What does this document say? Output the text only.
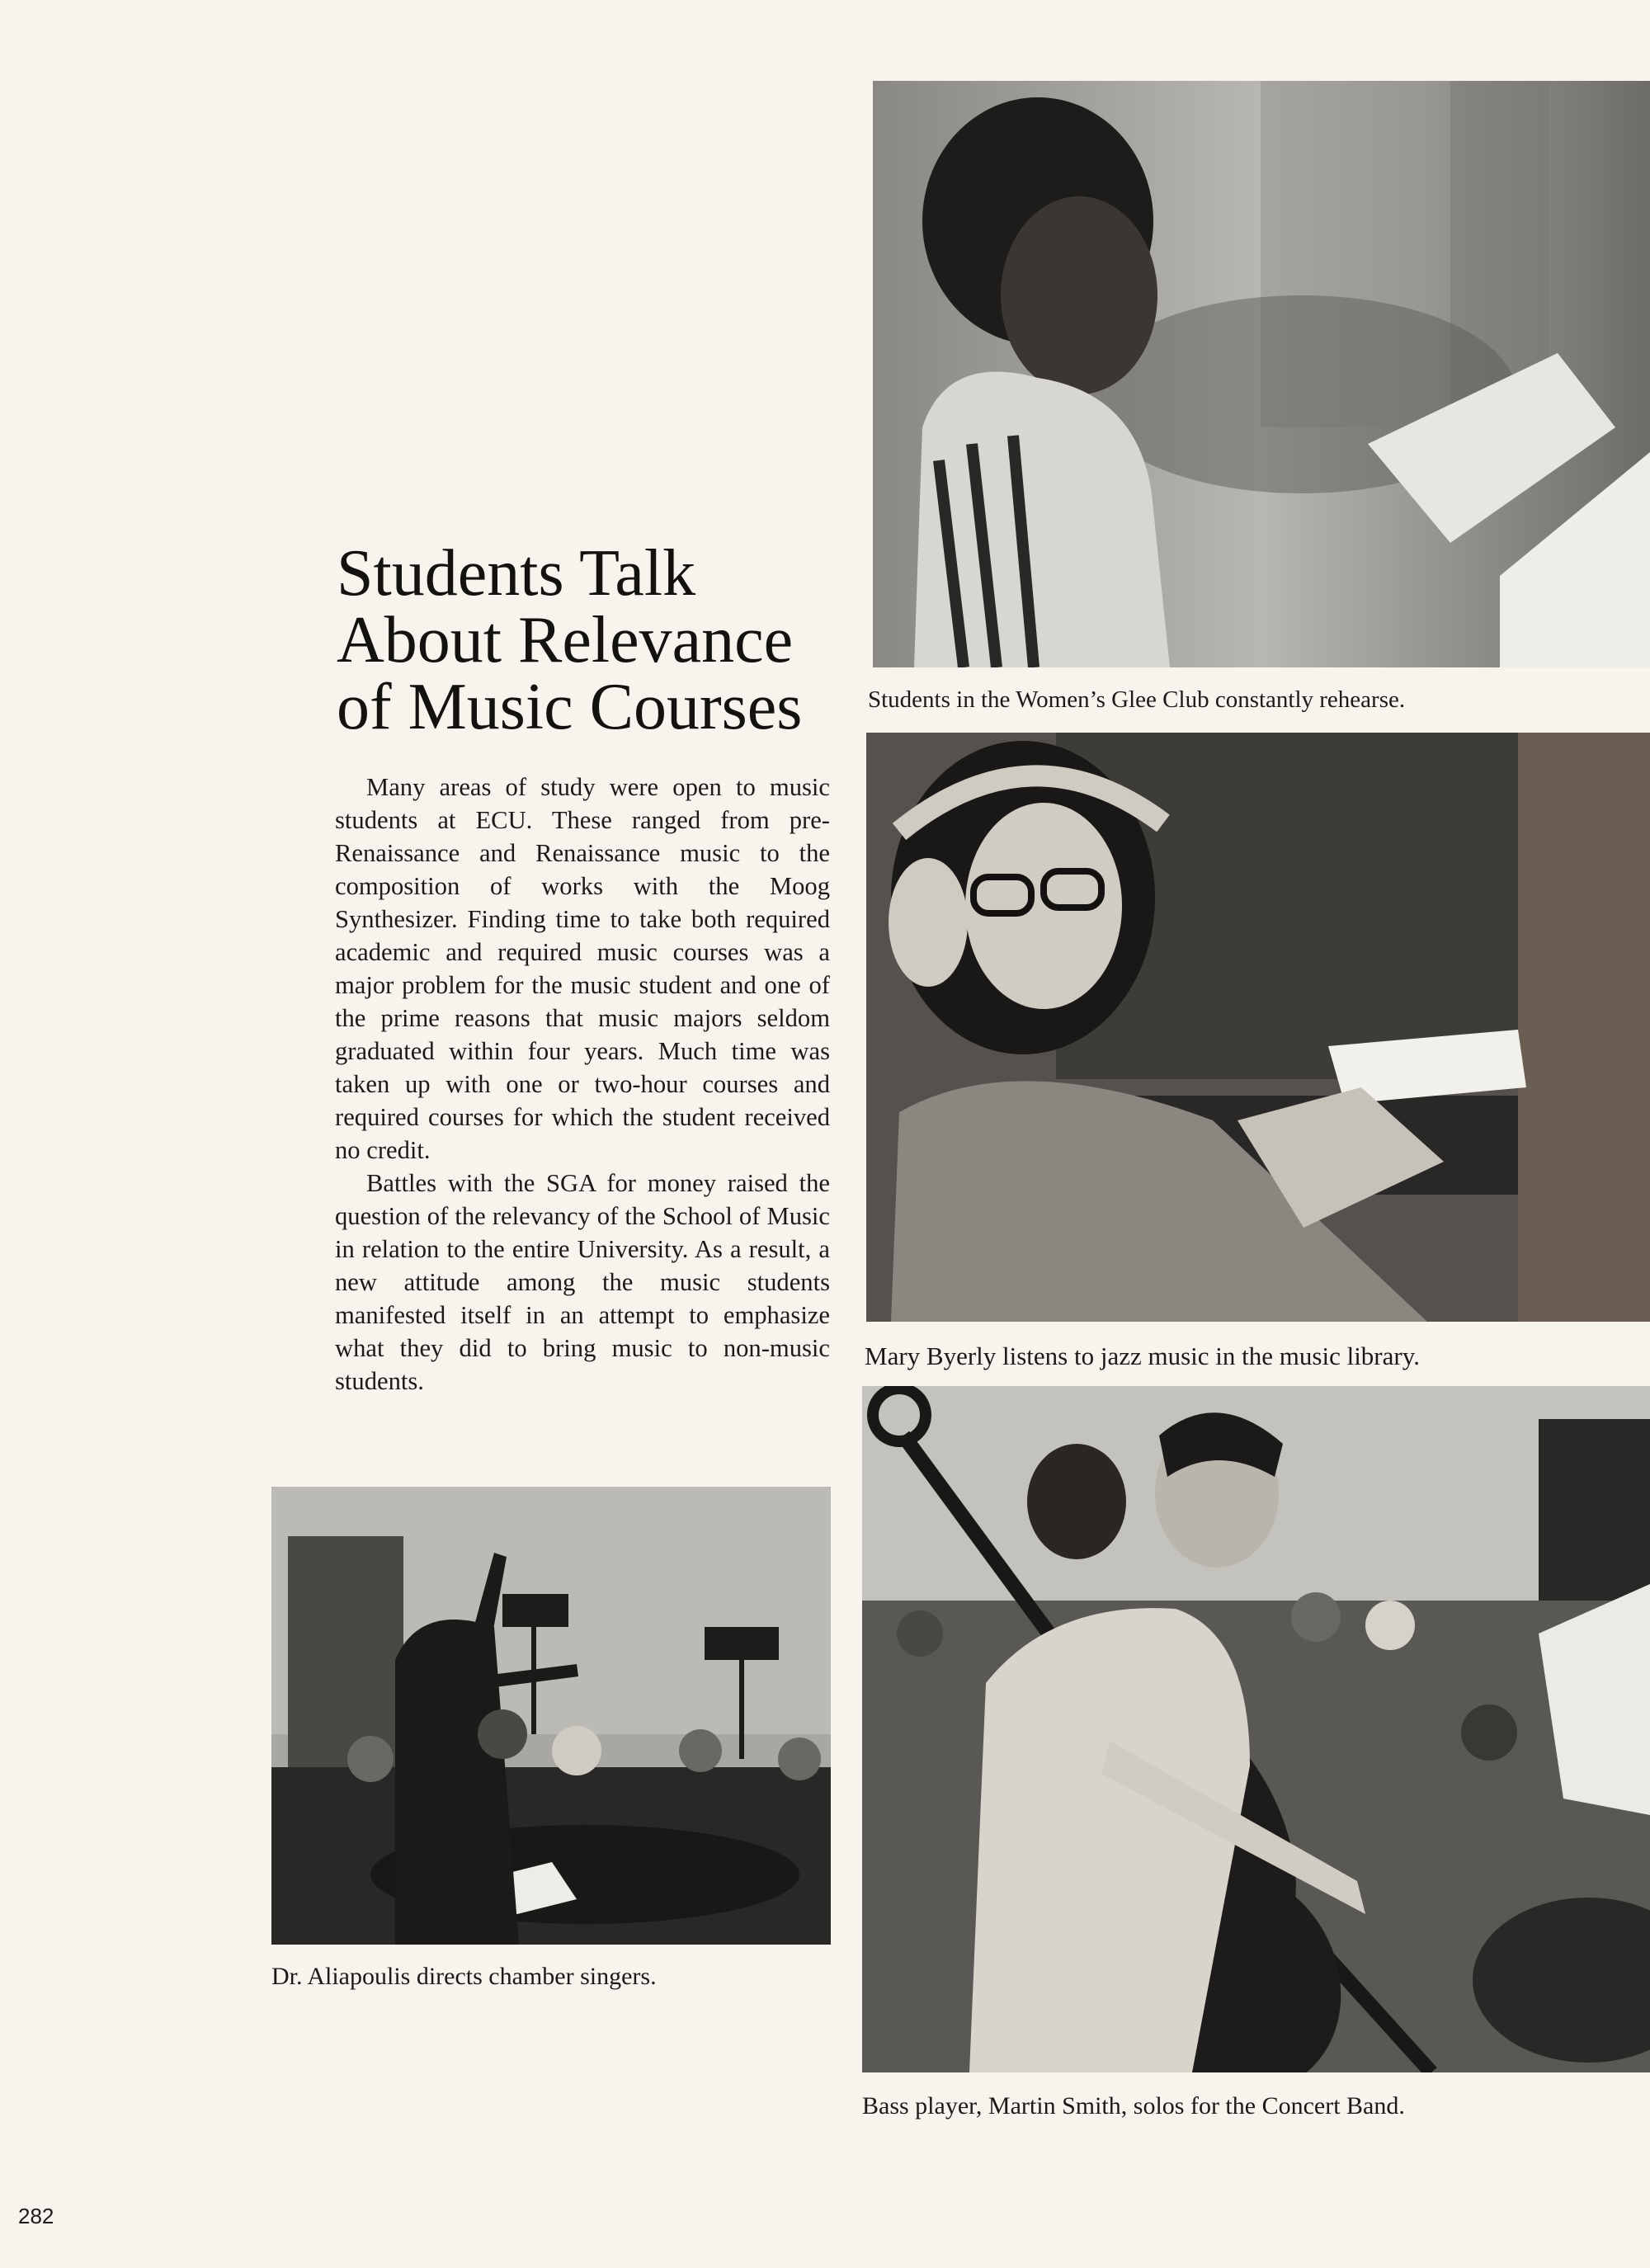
Students Talk
About Relevance
of Music Courses

Many areas of study were open to music students at ECU. These ranged from pre-Renaissance and Renaissance music to the composition of works with the Moog Synthesizer. Finding time to take both required academic and required music courses was a major problem for the music student and one of the prime reasons that music majors seldom graduated within four years. Much time was taken up with one or two-hour courses and required courses for which the student received no credit.

Battles with the SGA for money raised the question of the relevancy of the School of Music in relation to the entire University. As a result, a new attitude among the music students manifested itself in an attempt to emphasize what they did to bring music to non-music students.

Students in the Women’s Glee Club constantly rehearse.

Mary Byerly listens to jazz music in the music library.

Dr. Aliapoulis directs chamber singers.

Bass player, Martin Smith, solos for the Concert Band.

282
